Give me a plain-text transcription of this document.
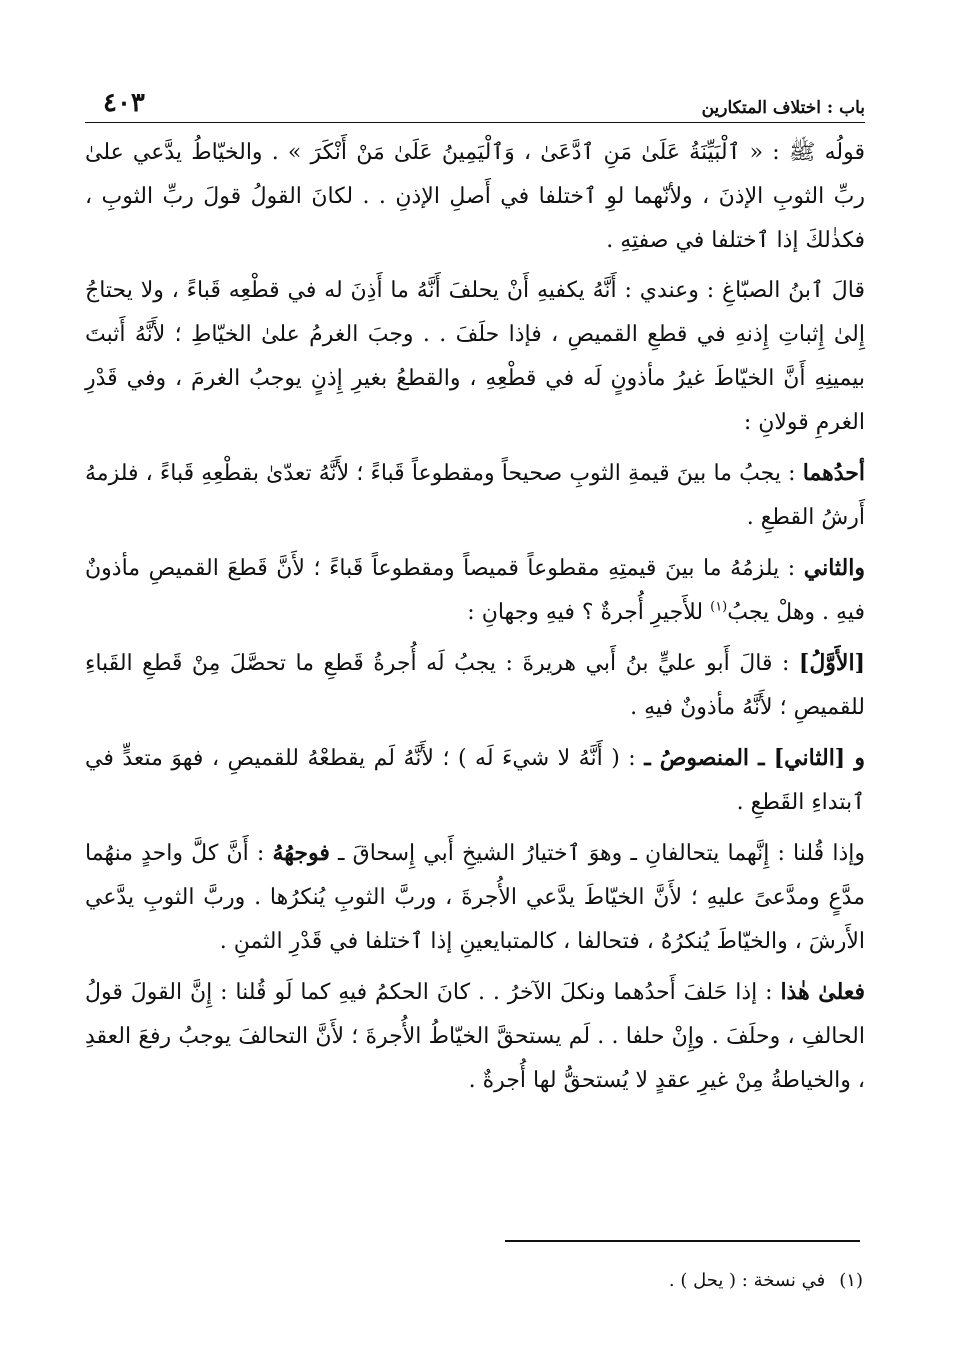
باب : اختلاف المتكارين
٤٠٣

قولُه ﷺ : « ٱلْبَيِّنَةُ عَلَىٰ مَنِ ٱدَّعَىٰ ، وَٱلْيَمِينُ عَلَىٰ مَنْ أَنْكَرَ » . والخيّاطُ يدَّعي علىٰ ربِّ الثوبِ الإذنَ ، ولأنّهما لوِ ٱختلفا في أَصلِ الإذنِ . . لكانَ القولُ قولَ ربِّ الثوبِ ، فكذٰلكَ إذا ٱختلفا في صفتِهِ .

قالَ ٱبنُ الصبّاغِ : وعندي : أَنَّهُ يكفيهِ أَنْ يحلفَ أَنَّهُ ما أَذِنَ له في قطْعِه قَباءً ، ولا يحتاجُ إِلىٰ إِثباتِ إِذنهِ في قطعِ القميصِ ، فإذا حلَفَ . . وجبَ الغرمُ علىٰ الخيّاطِ ؛ لأَنَّهُ أَثبتَ بيمينِهِ أَنَّ الخيّاطَ غيرُ مأذونٍ لَه في قطْعِهِ ، والقطعُ بغيرِ إِذنٍ يوجبُ الغرمَ ، وفي قَدْرِ الغرمِ قولانِ :

أحدُهما : يجبُ ما بينَ قيمةِ الثوبِ صحيحاً ومقطوعاً قَباءً ؛ لأَنَّهُ تعدّىٰ بقطْعِهِ قَباءً ، فلزمهُ أَرشُ القطعِ .

والثاني : يلزمُهُ ما بينَ قيمتِهِ مقطوعاً قميصاً ومقطوعاً قَباءً ؛ لأَنَّ قَطعَ القميصِ مأذونٌ فيهِ . وهلْ يجبُ$^{(١)}$ للأَجيرِ أُجرةٌ ؟ فيهِ وجهانِ :

[الأَوَّلُ] : قالَ أَبو عليٍّ بنُ أَبي هريرةَ : يجبُ لَه أُجرةُ قَطعِ ما تحصَّلَ مِنْ قَطعِ القَباءِ للقميصِ ؛ لأَنَّهُ مأذونٌ فيهِ .

و [الثاني] ـ المنصوصُ ـ : ( أَنَّهُ لا شيءَ لَه ) ؛ لأَنَّهُ لَم يقطعْهُ للقميصِ ، فهوَ متعدٍّ في ٱبتداءِ القَطعِ .

وإذا قُلنا : إِنَّهما يتحالفانِ ـ وهوَ ٱختيارُ الشيخِ أَبي إِسحاقَ ـ فوجهُهُ : أَنَّ كلَّ واحدٍ منهُما مدَّعٍ ومدَّعىً عليهِ ؛ لأَنَّ الخيّاطَ يدَّعي الأُجرةَ ، وربَّ الثوبِ يُنكرُها . وربَّ الثوبِ يدَّعي الأَرشَ ، والخيّاطَ يُنكرُهُ ، فتحالفا ، كالمتبايعينِ إذا ٱختلفا في قَدْرِ الثمنِ .

فعلىٰ هٰذا : إذا حَلفَ أَحدُهما ونكلَ الآخرُ . . كانَ الحكمُ فيهِ كما لَو قُلنا : إِنَّ القولَ قولُ الحالفِ ، وحلَفَ . وإِنْ حلفا . . لَم يستحقَّ الخيّاطُ الأُجرةَ ؛ لأَنَّ التحالفَ يوجبُ رفعَ العقدِ ، والخياطةُ مِنْ غيرِ عقدٍ لا يُستحقُّ لها أُجرةٌ .

(١)في نسخة : ( يحل ) .
